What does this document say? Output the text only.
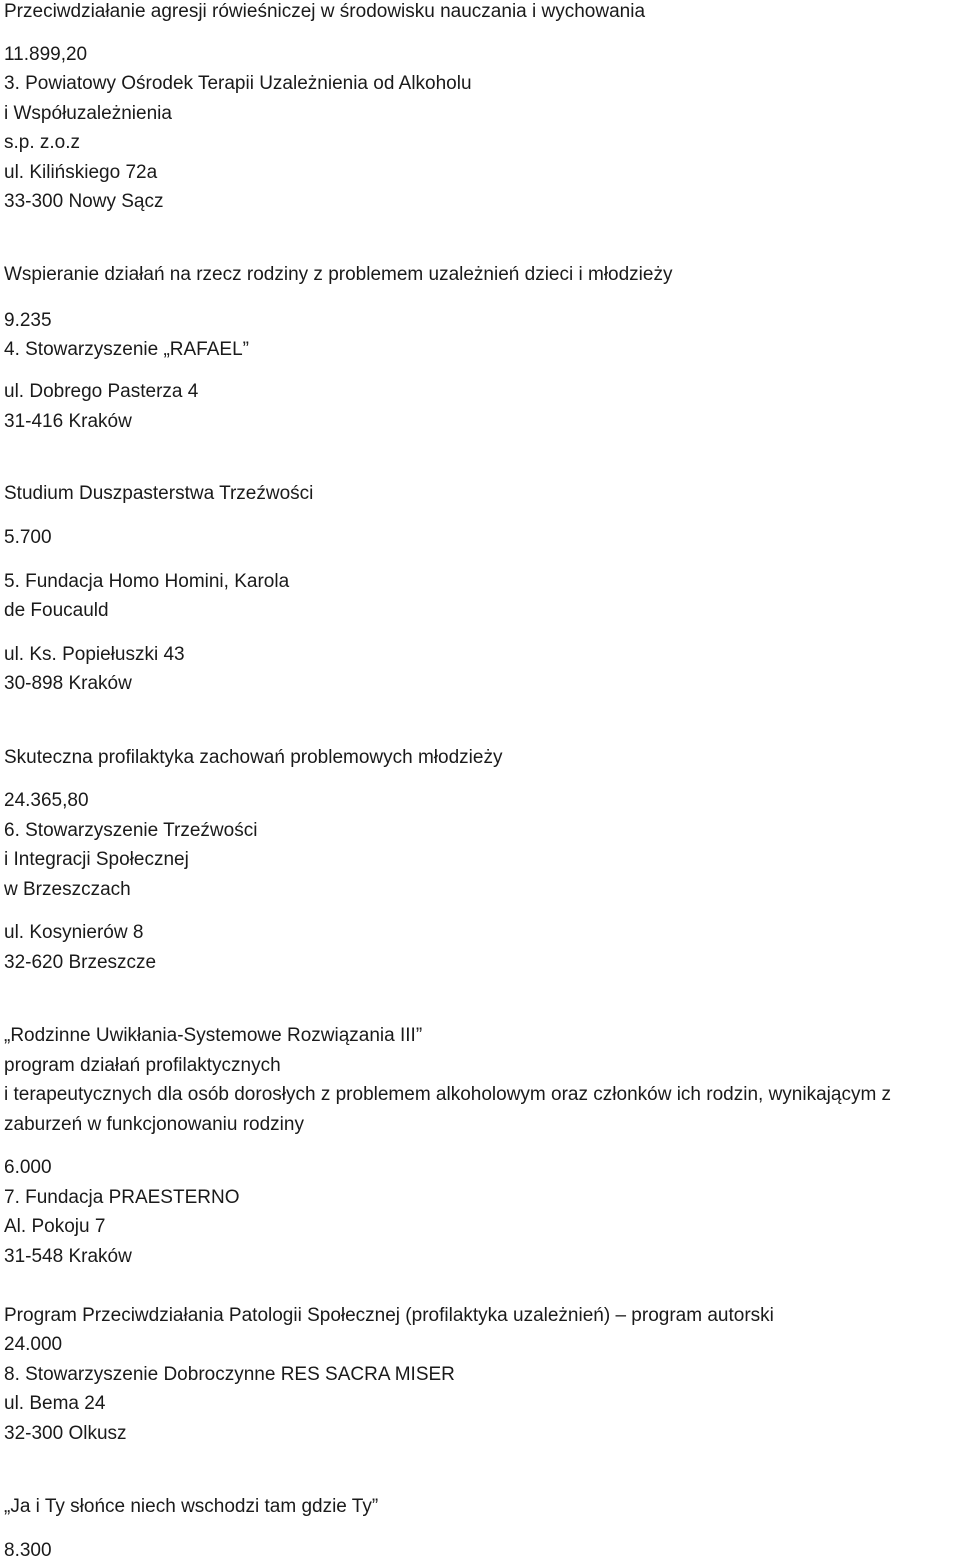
Przeciwdziałanie agresji rówieśniczej w środowisku nauczania i wychowania
11.899,20
3. Powiatowy Ośrodek Terapii Uzależnienia od Alkoholu
i Współuzależnienia
s.p. z.o.z
ul. Kilińskiego 72a
33-300 Nowy Sącz
Wspieranie działań na rzecz rodziny z problemem uzależnień dzieci i młodzieży
9.235
4. Stowarzyszenie „RAFAEL”
ul. Dobrego Pasterza 4
31-416 Kraków
Studium Duszpasterstwa Trzeźwości
5.700
5. Fundacja Homo Homini, Karola
de Foucauld
ul. Ks. Popiełuszki 43
30-898 Kraków
Skuteczna profilaktyka zachowań problemowych młodzieży
24.365,80
6. Stowarzyszenie Trzeźwości
i Integracji Społecznej
w Brzeszczach
ul. Kosynierów 8
32-620 Brzeszcze
„Rodzinne Uwikłania-Systemowe Rozwiązania III”
program działań profilaktycznych
i terapeutycznych dla osób dorosłych z problemem alkoholowym oraz członków ich rodzin, wynikającym z
zaburzeń w funkcjonowaniu rodziny
6.000
7. Fundacja PRAESTERNO
Al. Pokoju 7
31-548 Kraków
Program Przeciwdziałania Patologii Społecznej (profilaktyka uzależnień) – program autorski
24.000
8. Stowarzyszenie Dobroczynne RES SACRA MISER
ul. Bema 24
32-300 Olkusz
„Ja i Ty słońce niech wschodzi tam gdzie Ty”
8.300
